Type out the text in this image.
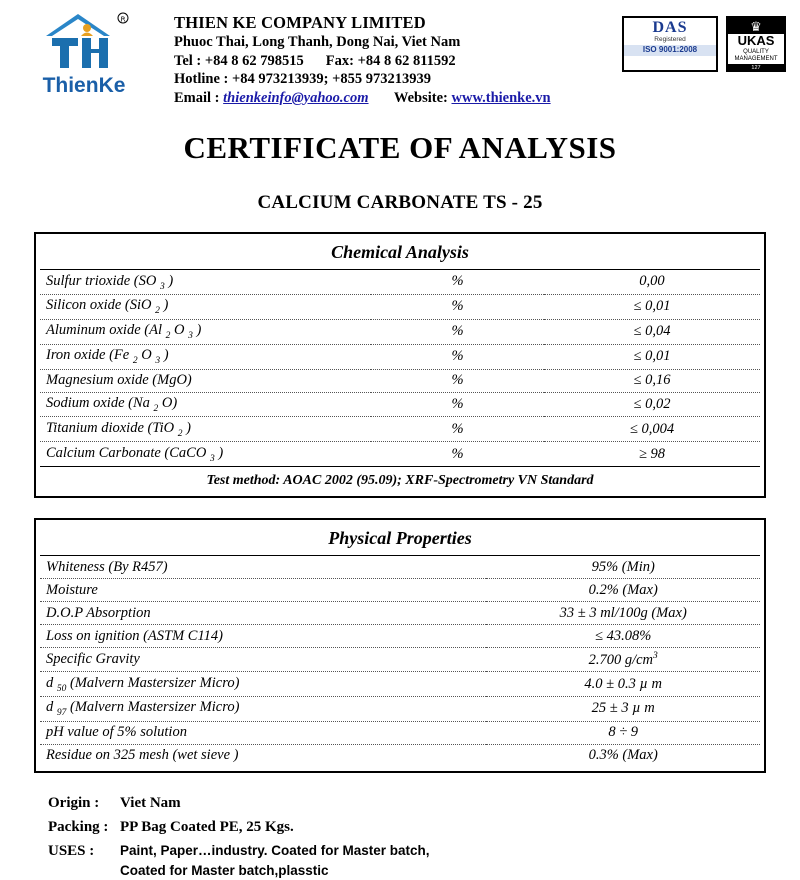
R
ThienKe
THIEN KE COMPANY LIMITED
Phuoc Thai, Long Thanh, Dong Nai, Viet Nam
Tel : +84 8 62 798515 Fax: +84 8 62 811592
Hotline : +84 973213939; +855 973213939
Email : thienkeinfo@yahoo.com Website: www.thienke.vn
DAS
Registered
ISO 9001:2008
♛
UKAS
QUALITY
MANAGEMENT
127
CERTIFICATE OF ANALYSIS
CALCIUM CARBONATE TS - 25
Chemical Analysis		
Sulfur trioxide (SO $_3$ )	%	0,00
Silicon oxide (SiO $_2$ )	%	≤ 0,01
Aluminum oxide (Al $_2$ O $_3$ )	%	≤ 0,04
Iron oxide (Fe $_2$ O $_3$ )	%	≤ 0,01
Magnesium oxide (MgO)	%	≤ 0,16
Sodium oxide (Na $_2$ O)	%	≤ 0,02
Titanium dioxide (TiO $_2$ )	%	≤ 0,004
Calcium Carbonate (CaCO $_3$ )	%	≥ 98
Test method: AOAC 2002 (95.09); XRF-Spectrometry VN Standard		
Physical Properties	
Whiteness (By R457)	95% (Min)
Moisture	0.2% (Max)
D.O.P Absorption	33 ± 3 ml/100g (Max)
Loss on ignition (ASTM C114)	≤ 43.08%
Specific Gravity	2.700 $g/cm^3$
d $_{50}$ (Malvern Mastersizer Micro)	4.0 ± 0.3 µ m
d $_{97}$ (Malvern Mastersizer Micro)	25 ± 3 µ m
pH value of 5% solution	8 ÷ 9
Residue on 325 mesh (wet sieve )	0.3% (Max)
Origin :	Viet Nam
Packing : PP Bag Coated PE, 25 Kgs.
USES :	Paint, Paper…industry. Coated for Master batch,
Coated for Master batch,plasstic
